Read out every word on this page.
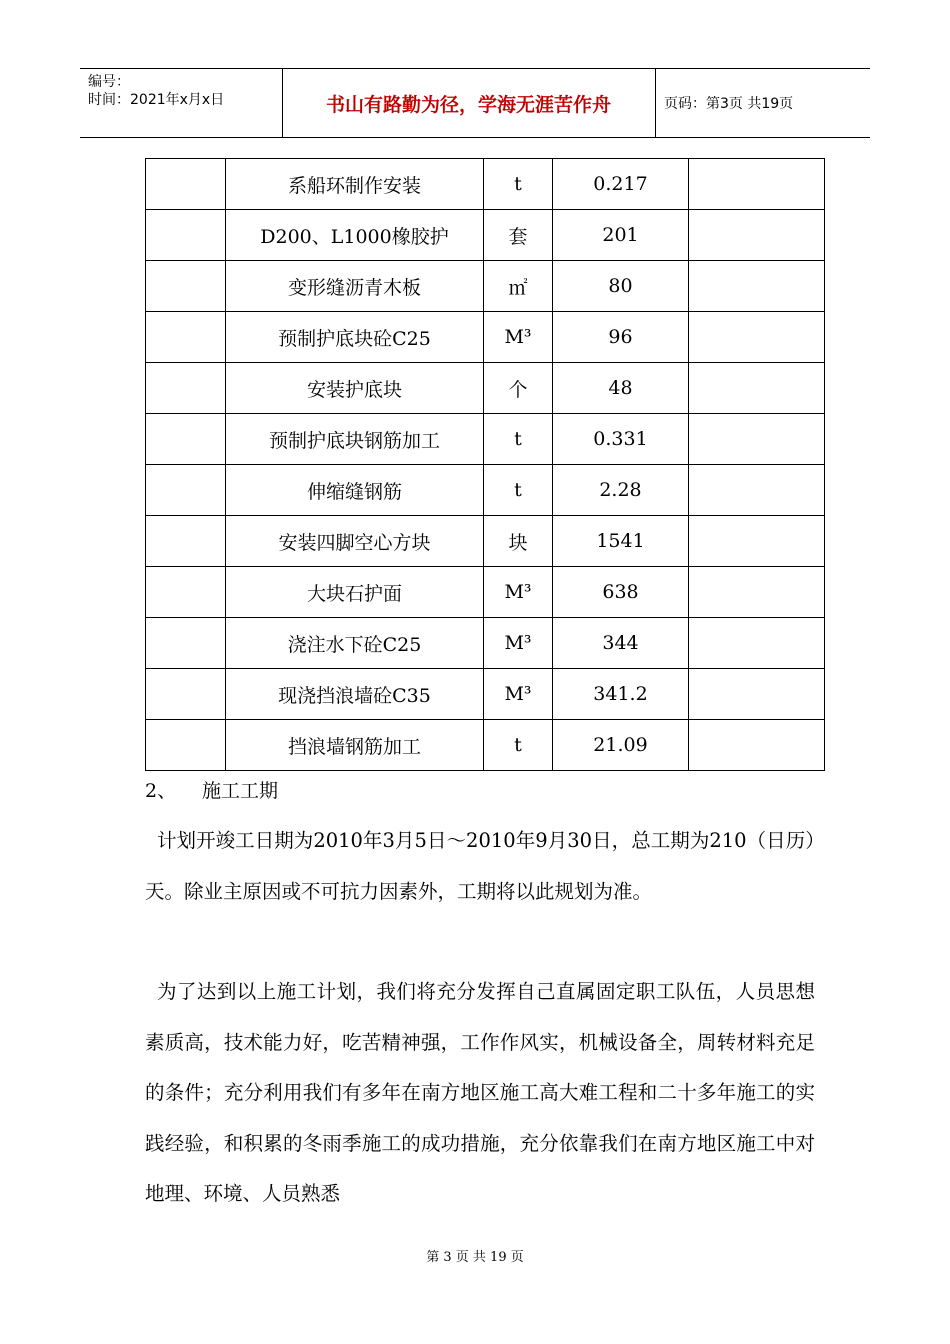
编号：
时间：2021年x月x日	书山有路勤为径，学海无涯苦作舟	页码：第3页 共19页
	系船环制作安装	t	0.217	
	D200、L1000橡胶护	套	201	
	变形缝沥青木板	㎡	80	
	预制护底块砼C25	M³	96	
	安装护底块	个	48	
	预制护底块钢筋加工	t	0.331	
	伸缩缝钢筋	t	2.28	
	安装四脚空心方块	块	1541	
	大块石护面	M³	638	
	浇注水下砼C25	M³	344	
	现浇挡浪墙砼C35	M³	341.2	
	挡浪墙钢筋加工	t	21.09	
2、 施工工期
计划开竣工日期为2010年3月5日～2010年9月30日，总工期为210（日历）天。除业主原因或不可抗力因素外，工期将以此规划为准。
为了达到以上施工计划，我们将充分发挥自己直属固定职工队伍，人员思想素质高，技术能力好，吃苦精神强，工作作风实，机械设备全，周转材料充足的条件；充分利用我们有多年在南方地区施工高大难工程和二十多年施工的实践经验，和积累的冬雨季施工的成功措施，充分依靠我们在南方地区施工中对地理、环境、人员熟悉
第 3 页 共 19 页
